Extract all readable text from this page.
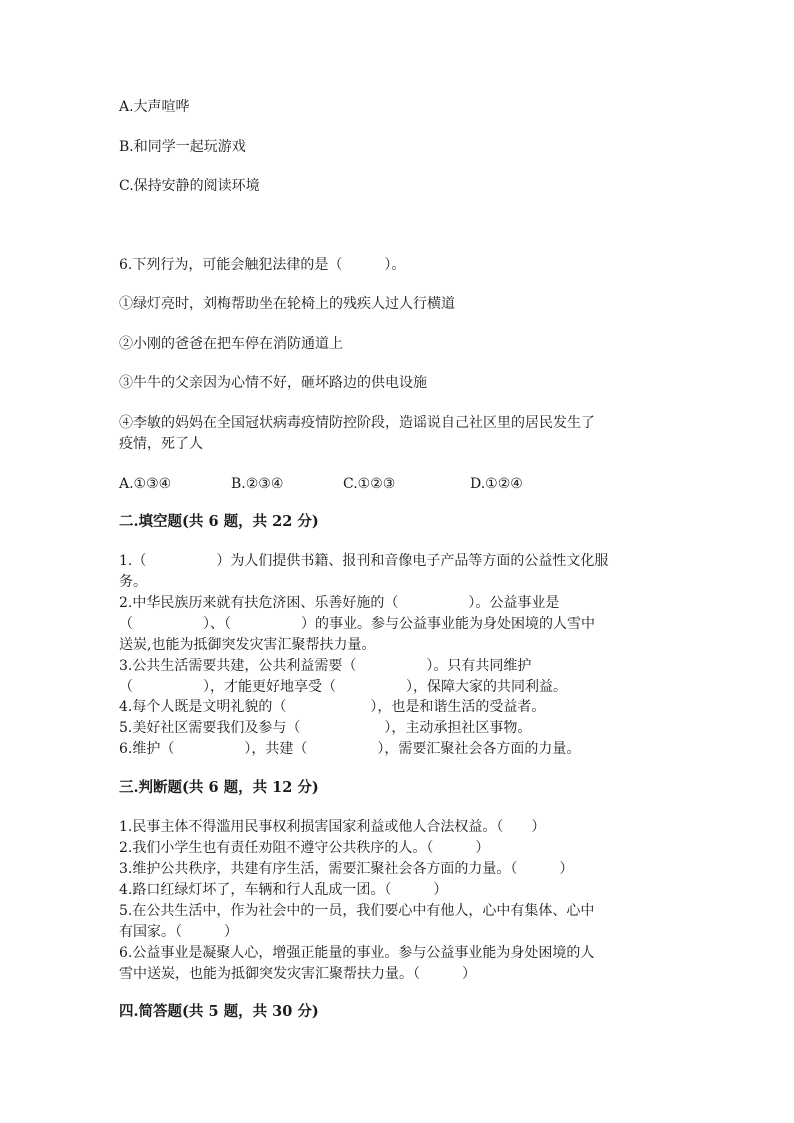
A.大声喧哗
B.和同学一起玩游戏
C.保持安静的阅读环境
6.下列行为，可能会触犯法律的是（　　　）。
①绿灯亮时，刘梅帮助坐在轮椅上的残疾人过人行横道
②小刚的爸爸在把车停在消防通道上
③牛牛的父亲因为心情不好，砸坏路边的供电设施
④李敏的妈妈在全国冠状病毒疫情防控阶段，造谣说自己社区里的居民发生了
疫情，死了人
A.①③④	B.②③④	C.①②③	D.①②④
二.填空题(共 6 题，共 22 分)
1.（　　　　　）为人们提供书籍、报刊和音像电子产品等方面的公益性文化服
务。
2.中华民族历来就有扶危济困、乐善好施的（　　　　　）。公益事业是
（　　　　　）、（　　　　　）的事业。参与公益事业能为身处困境的人雪中
送炭,也能为抵御突发灾害汇聚帮扶力量。
3.公共生活需要共建，公共利益需要（　　　　　）。只有共同维护
（　　　　　），才能更好地享受（　　　　　），保障大家的共同利益。
4.每个人既是文明礼貌的（　　　　　　），也是和谐生活的受益者。
5.美好社区需要我们及参与（　　　　　　），主动承担社区事物。
6.维护（　　　　　），共建（　　　　　），需要汇聚社会各方面的力量。
三.判断题(共 6 题，共 12 分)
1.民事主体不得滥用民事权利损害国家利益或他人合法权益。（　　）
2.我们小学生也有责任劝阻不遵守公共秩序的人。（　　　）
3.维护公共秩序，共建有序生活，需要汇聚社会各方面的力量。（　　　）
4.路口红绿灯坏了，车辆和行人乱成一团。（　　　）
5.在公共生活中，作为社会中的一员，我们要心中有他人，心中有集体、心中
有国家。（　　　）
6.公益事业是凝聚人心，增强正能量的事业。参与公益事业能为身处困境的人
雪中送炭，也能为抵御突发灾害汇聚帮扶力量。（　　　）
四.简答题(共 5 题，共 30 分)
